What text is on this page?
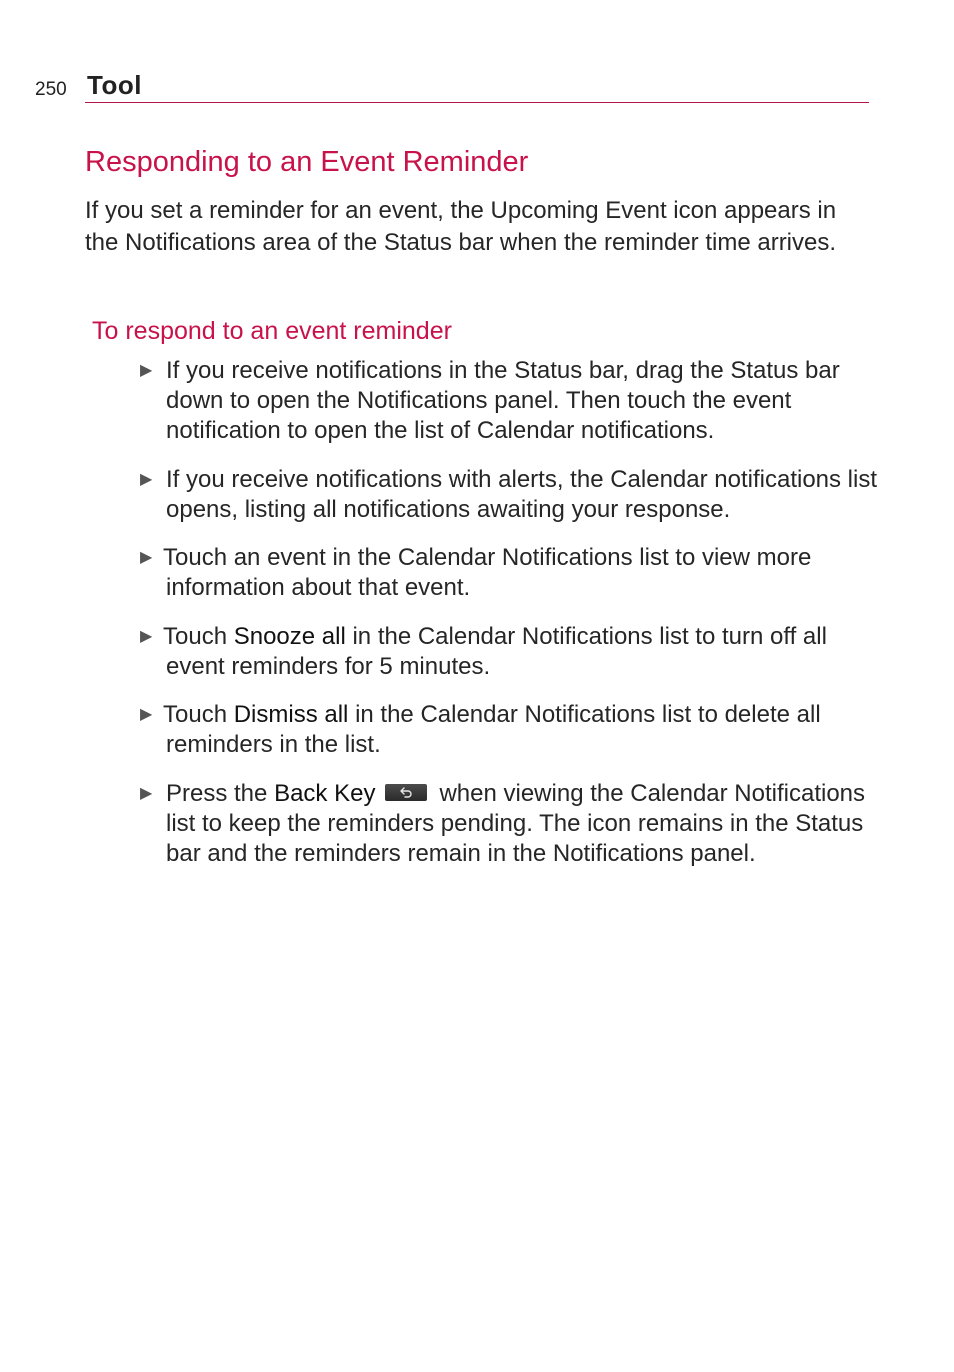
250 Tool
Responding to an Event Reminder

If you set a reminder for an event, the Upcoming Event icon appears in the Notifications area of the Status bar when the reminder time arrives.

To respond to an event reminder
▶ If you receive notifications in the Status bar, drag the Status bar down to open the Notifications panel. Then touch the event notification to open the list of Calendar notifications.
▶ If you receive notifications with alerts, the Calendar notifications list opens, listing all notifications awaiting your response.
▶ Touch an event in the Calendar Notifications list to view more information about that event.
▶ Touch Snooze all in the Calendar Notifications list to turn off all event reminders for 5 minutes.
▶ Touch Dismiss all in the Calendar Notifications list to delete all reminders in the list.
▶ Press the Back Key	when viewing the Calendar Notifications list to keep the reminders pending. The icon remains in the Status bar and the reminders remain in the Notifications panel.
